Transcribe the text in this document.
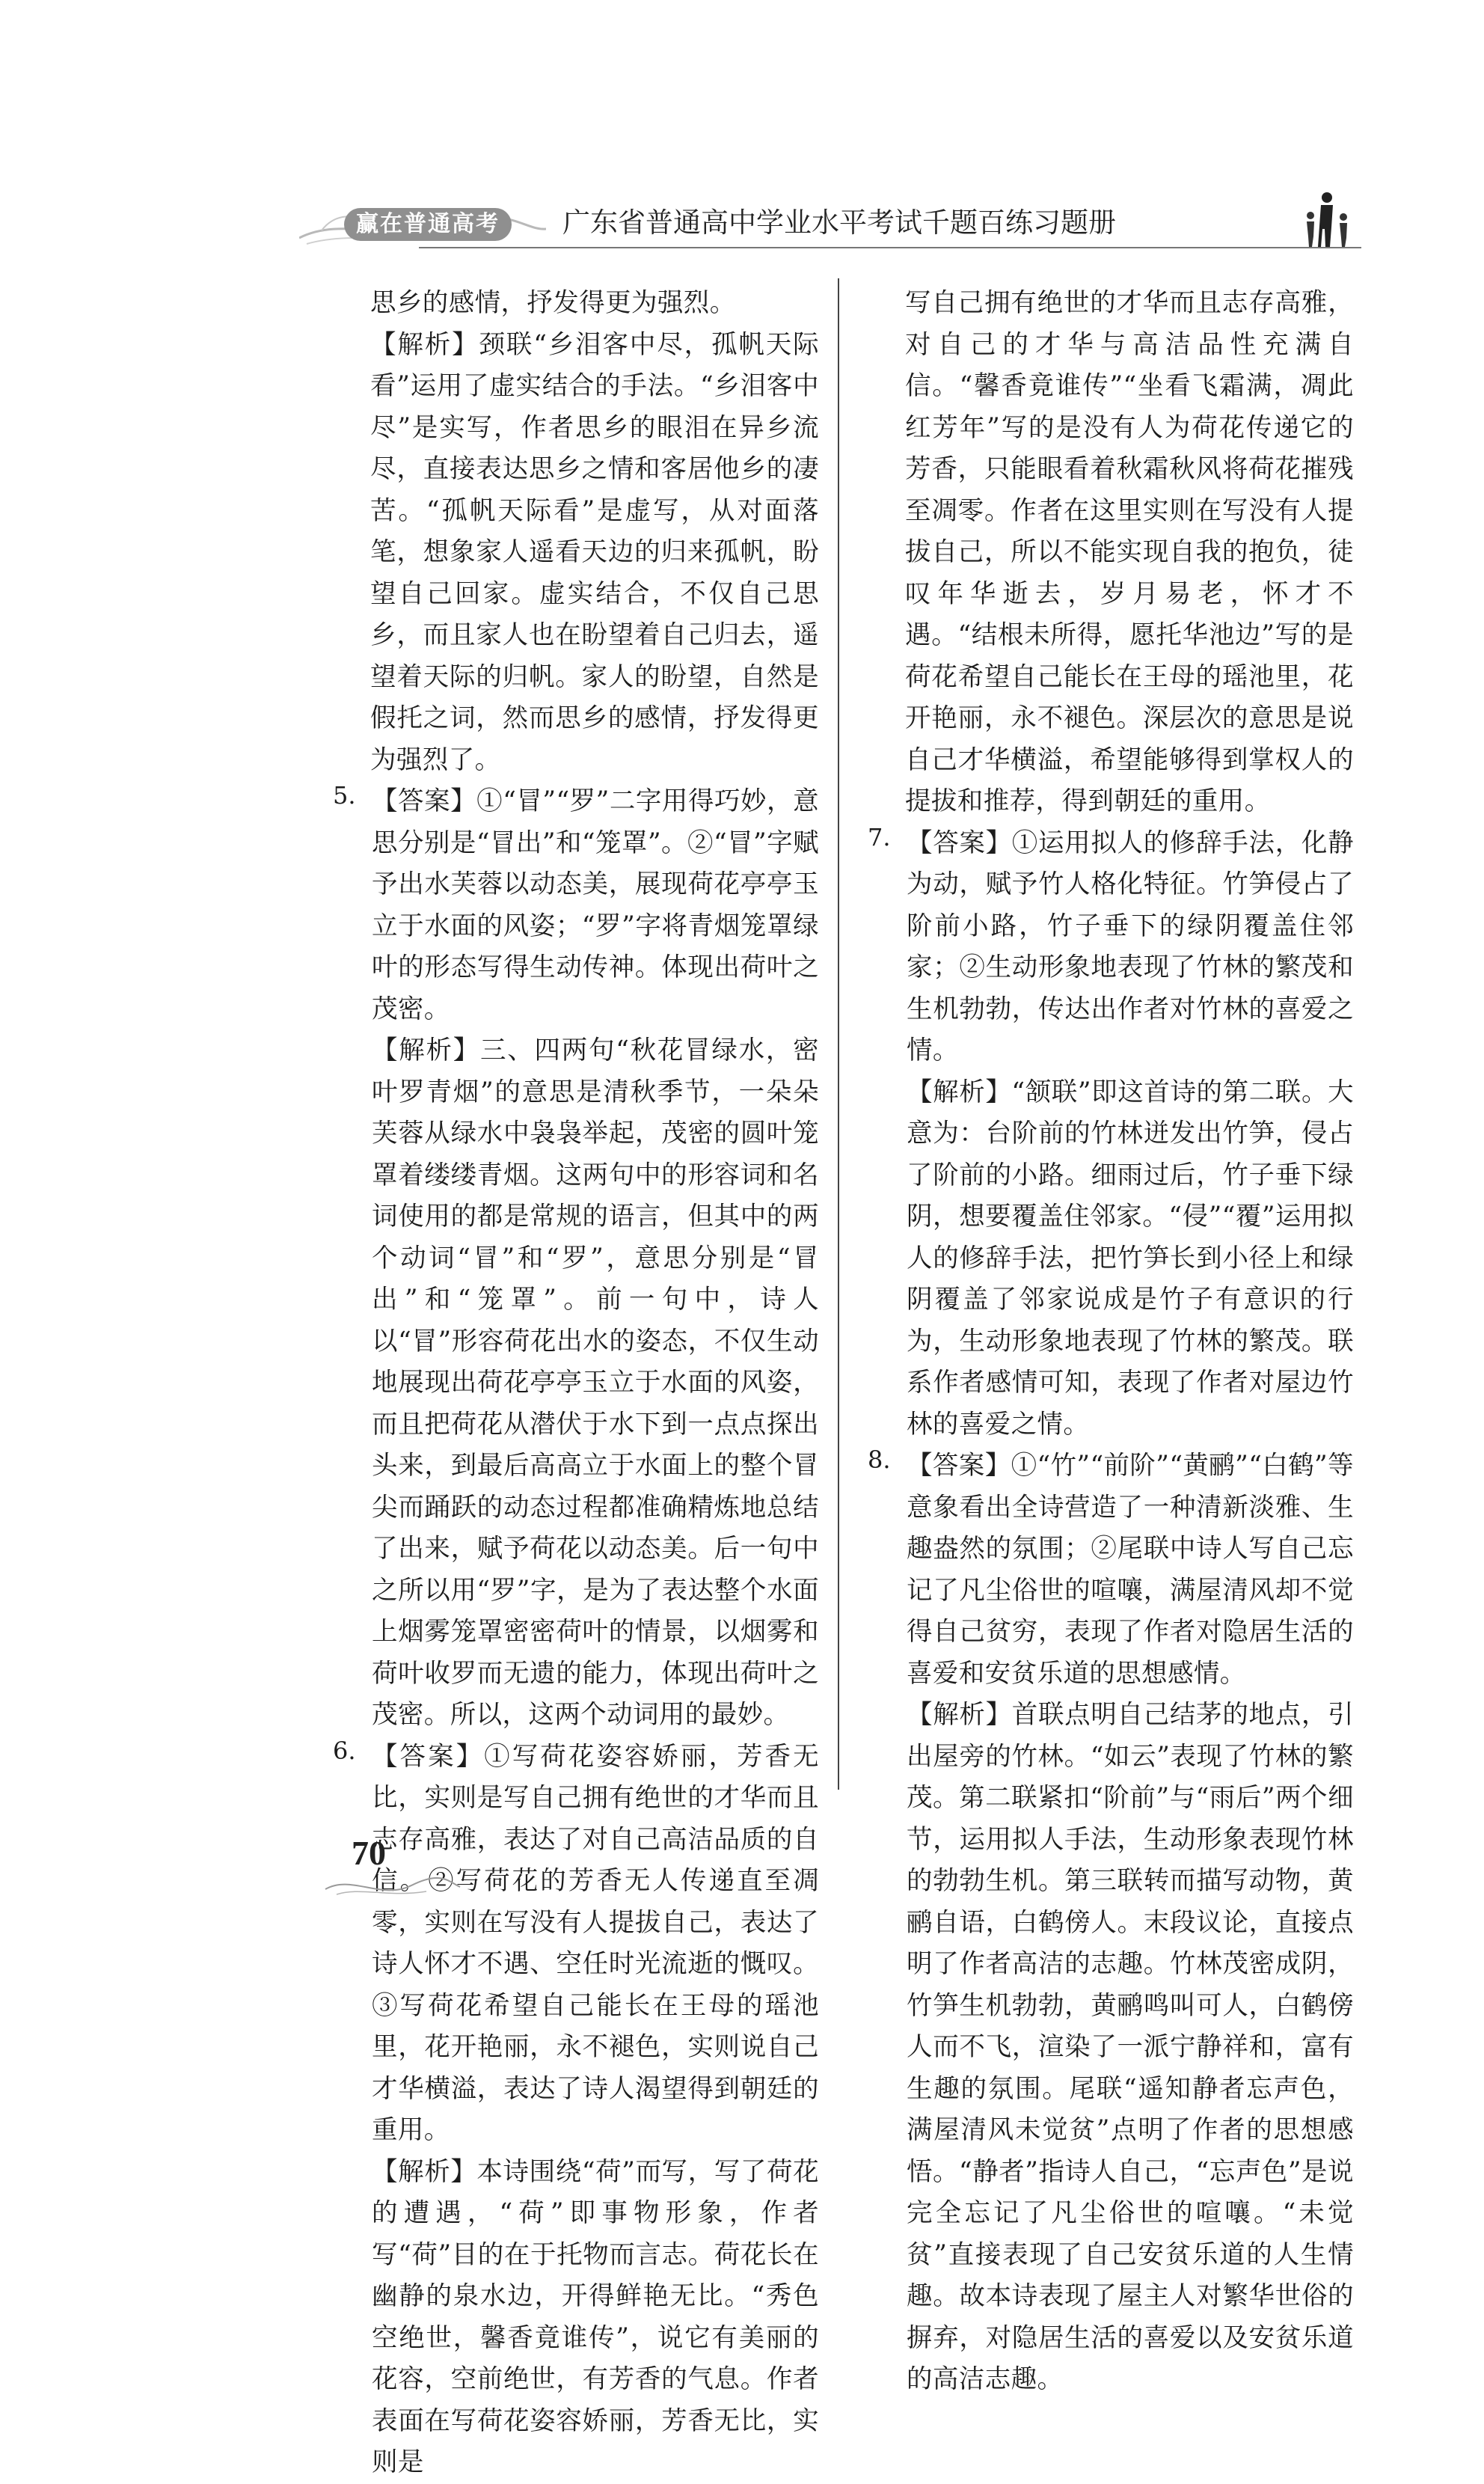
赢在普通高考	广东省普通高中学业水平考试千题百练习题册

思乡的感情，抒发得更为强烈。

【解析】颈联“乡泪客中尽，孤帆天际看”运用了虚实结合的手法。“乡泪客中尽”是实写，作者思乡的眼泪在异乡流尽，直接表达思乡之情和客居他乡的凄苦。“孤帆天际看”是虚写，从对面落笔，想象家人遥看天边的归来孤帆，盼望自己回家。虚实结合，不仅自己思乡，而且家人也在盼望着自己归去，遥望着天际的归帆。家人的盼望，自然是假托之词，然而思乡的感情，抒发得更为强烈了。

5. 【答案】①“冒”“罗”二字用得巧妙，意思分别是“冒出”和“笼罩”。②“冒”字赋予出水芙蓉以动态美，展现荷花亭亭玉立于水面的风姿；“罗”字将青烟笼罩绿叶的形态写得生动传神。体现出荷叶之茂密。

【解析】三、四两句“秋花冒绿水，密叶罗青烟”的意思是清秋季节，一朵朵芙蓉从绿水中袅袅举起，茂密的圆叶笼罩着缕缕青烟。这两句中的形容词和名词使用的都是常规的语言，但其中的两个动词“冒”和“罗”，意思分别是“冒出”和“笼罩”。前一句中，诗人以“冒”形容荷花出水的姿态，不仅生动地展现出荷花亭亭玉立于水面的风姿，而且把荷花从潜伏于水下到一点点探出头来，到最后高高立于水面上的整个冒尖而踊跃的动态过程都准确精炼地总结了出来，赋予荷花以动态美。后一句中之所以用“罗”字，是为了表达整个水面上烟雾笼罩密密荷叶的情景，以烟雾和荷叶收罗而无遗的能力，体现出荷叶之茂密。所以，这两个动词用的最妙。

6. 【答案】①写荷花姿容娇丽，芳香无比，实则是写自己拥有绝世的才华而且志存高雅，表达了对自己高洁品质的自信。②写荷花的芳香无人传递直至凋零，实则在写没有人提拔自己，表达了诗人怀才不遇、空任时光流逝的慨叹。③写荷花希望自己能长在王母的瑶池里，花开艳丽，永不褪色，实则说自己才华横溢，表达了诗人渴望得到朝廷的重用。

【解析】本诗围绕“荷”而写，写了荷花的遭遇，“荷”即事物形象，作者写“荷”目的在于托物而言志。荷花长在幽静的泉水边，开得鲜艳无比。“秀色空绝世，馨香竟谁传”，说它有美丽的花容，空前绝世，有芳香的气息。作者表面在写荷花姿容娇丽，芳香无比，实则是

写自己拥有绝世的才华而且志存高雅，对自己的才华与高洁品性充满自信。“馨香竟谁传”“坐看飞霜满，凋此红芳年”写的是没有人为荷花传递它的芳香，只能眼看着秋霜秋风将荷花摧残至凋零。作者在这里实则在写没有人提拔自己，所以不能实现自我的抱负，徒叹年华逝去，岁月易老，怀才不遇。“结根未所得，愿托华池边”写的是荷花希望自己能长在王母的瑶池里，花开艳丽，永不褪色。深层次的意思是说自己才华横溢，希望能够得到掌权人的提拔和推荐，得到朝廷的重用。

7. 【答案】①运用拟人的修辞手法，化静为动，赋予竹人格化特征。竹笋侵占了阶前小路，竹子垂下的绿阴覆盖住邻家；②生动形象地表现了竹林的繁茂和生机勃勃，传达出作者对竹林的喜爱之情。

【解析】“颔联”即这首诗的第二联。大意为：台阶前的竹林迸发出竹笋，侵占了阶前的小路。细雨过后，竹子垂下绿阴，想要覆盖住邻家。“侵”“覆”运用拟人的修辞手法，把竹笋长到小径上和绿阴覆盖了邻家说成是竹子有意识的行为，生动形象地表现了竹林的繁茂。联系作者感情可知，表现了作者对屋边竹林的喜爱之情。

8. 【答案】①“竹”“前阶”“黄鹂”“白鹤”等意象看出全诗营造了一种清新淡雅、生趣盎然的氛围；②尾联中诗人写自己忘记了凡尘俗世的喧嚷，满屋清风却不觉得自己贫穷，表现了作者对隐居生活的喜爱和安贫乐道的思想感情。

【解析】首联点明自己结茅的地点，引出屋旁的竹林。“如云”表现了竹林的繁茂。第二联紧扣“阶前”与“雨后”两个细节，运用拟人手法，生动形象表现竹林的勃勃生机。第三联转而描写动物，黄鹂自语，白鹤傍人。末段议论，直接点明了作者高洁的志趣。竹林茂密成阴，竹笋生机勃勃，黄鹂鸣叫可人，白鹤傍人而不飞，渲染了一派宁静祥和，富有生趣的氛围。尾联“遥知静者忘声色，满屋清风未觉贫”点明了作者的思想感悟。“静者”指诗人自己，“忘声色”是说完全忘记了凡尘俗世的喧嚷。“未觉贫”直接表现了自己安贫乐道的人生情趣。故本诗表现了屋主人对繁华世俗的摒弃，对隐居生活的喜爱以及安贫乐道的高洁志趣。

70
